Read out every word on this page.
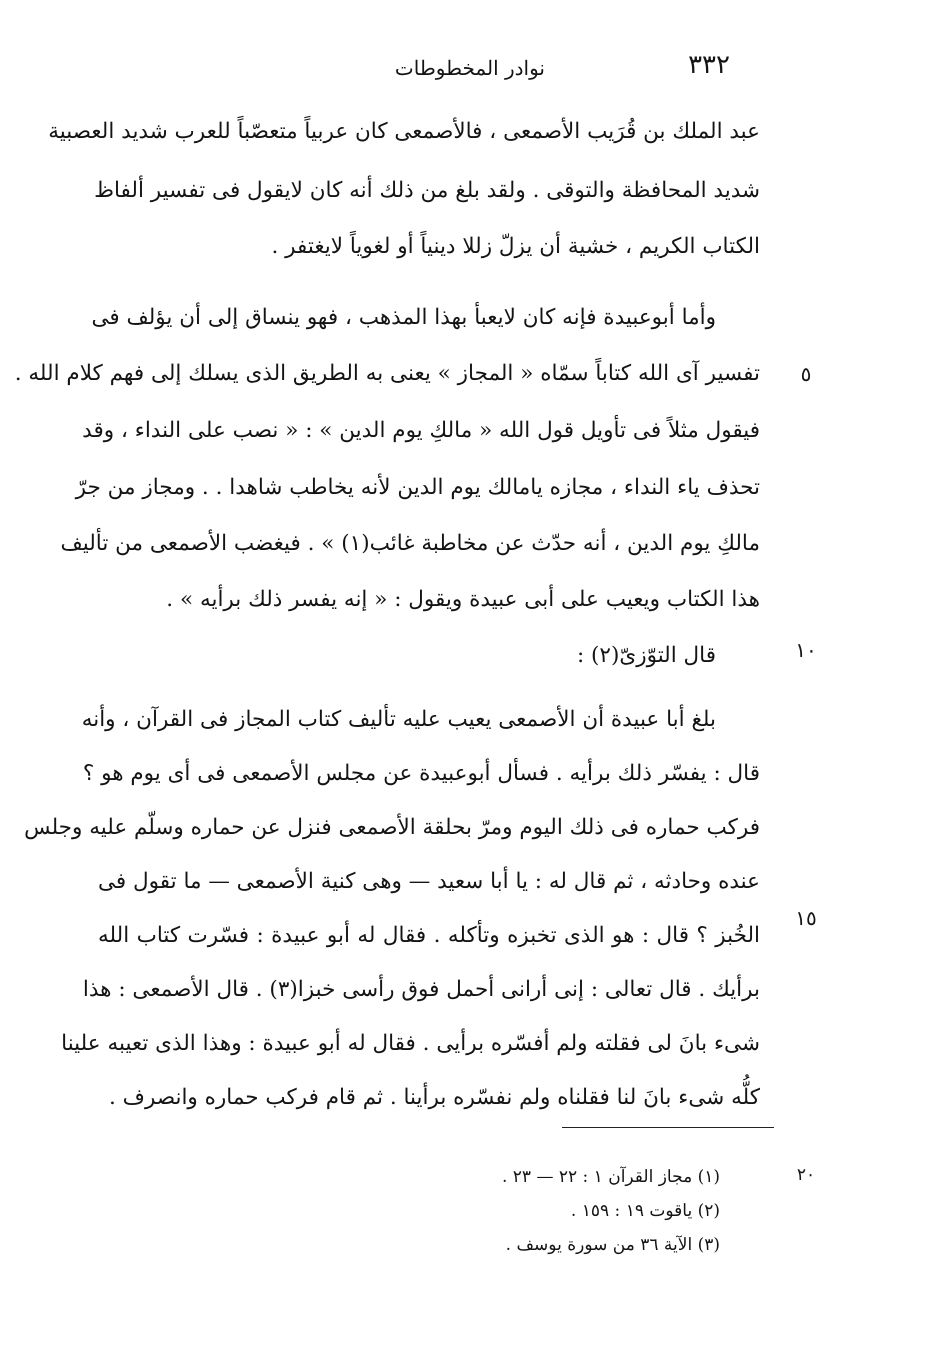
٣٣٢
نوادر المخطوطات
عبد الملك بن قُرَيب الأصمعى ، فالأصمعى كان عربياً متعصّباً للعرب شديد العصبية
شديد المحافظة والتوقى . ولقد بلغ من ذلك أنه كان لايقول فى تفسير ألفاظ
الكتاب الكريم ، خشية أن يزلّ زللا دينياً أو لغوياً لايغتفر .
وأما أبوعبيدة فإنه كان لايعبأ بهذا المذهب ، فهو ينساق إلى أن يؤلف فى
تفسير آى الله كتاباً سمّاه « المجاز » يعنى به الطريق الذى يسلك إلى فهم كلام الله .
فيقول مثلاً فى تأويل قول الله « مالكِ يوم الدين » : « نصب على النداء ، وقد
تحذف ياء النداء ، مجازه يامالك يوم الدين لأنه يخاطب شاهدا . . ومجاز من جرّ
مالكِ يوم الدين ، أنه حدّث عن مخاطبة غائب(١) » . فيغضب الأصمعى من تأليف
هذا الكتاب ويعيب على أبى عبيدة ويقول : « إنه يفسر ذلك برأيه » .
قال التوّزىّ(٢) :
بلغ أبا عبيدة أن الأصمعى يعيب عليه تأليف كتاب المجاز فى القرآن ، وأنه
قال : يفسّر ذلك برأيه . فسأل أبوعبيدة عن مجلس الأصمعى فى أى يوم هو ؟
فركب حماره فى ذلك اليوم ومرّ بحلقة الأصمعى فنزل عن حماره وسلّم عليه وجلس
عنده وحادثه ، ثم قال له : يا أبا سعيد — وهى كنية الأصمعى — ما تقول فى
الخُبز ؟ قال : هو الذى تخبزه وتأكله . فقال له أبو عبيدة : فسّرت كتاب الله
برأيك . قال تعالى : إنى أرانى أحمل فوق رأسى خبزا(٣) . قال الأصمعى : هذا
شىء بانَ لى فقلته ولم أفسّره برأيى . فقال له أبو عبيدة : وهذا الذى تعيبه علينا
كلُّه شىء بانَ لنا فقلناه ولم نفسّره برأينا . ثم قام فركب حماره وانصرف .
٥
١٠
١٥
٢٠
(١) مجاز القرآن ١ : ٢٢ — ٢٣ .
(٢) ياقوت ١٩ : ١٥٩ .
(٣) الآية ٣٦ من سورة يوسف .
